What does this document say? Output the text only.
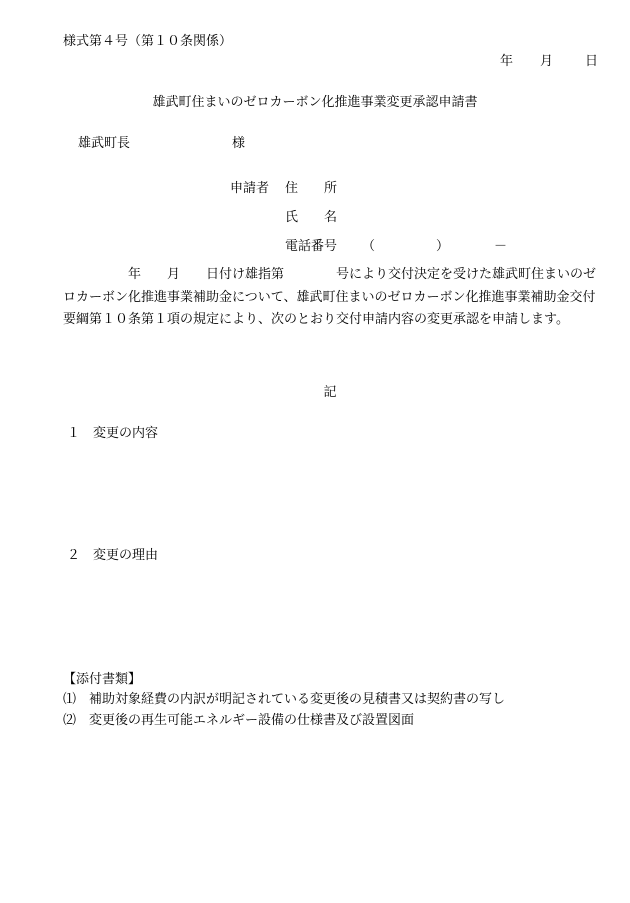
様式第４号（第１０条関係）
年 月 日
雄武町住まいのゼロカーボン化推進事業変更承認申請書
雄武町長	様
申請者 住　　所
氏　　名
電話番号 （	）	－
　　　　　年　　月　　日付け雄指第　　　　号により交付決定を受けた雄武町住まいのゼロカーボン化推進事業補助金について、雄武町住まいのゼロカーボン化推進事業補助金交付要綱第１０条第１項の規定により、次のとおり交付申請内容の変更承認を申請します。
記
１　変更の内容
２　変更の理由
【添付書類】
⑴　補助対象経費の内訳が明記されている変更後の見積書又は契約書の写し
⑵　変更後の再生可能エネルギー設備の仕様書及び設置図面
